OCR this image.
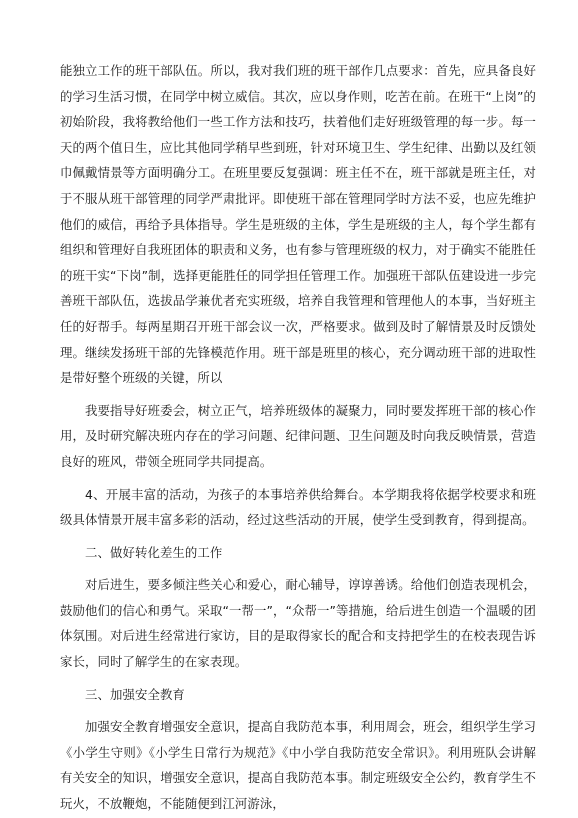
能独立工作的班干部队伍。所以，我对我们班的班干部作几点要求：首先，应具备良好的学习生活习惯，在同学中树立威信。其次，应以身作则，吃苦在前。在班干“上岗”的初始阶段，我将教给他们一些工作方法和技巧，扶着他们走好班级管理的每一步。每一天的两个值日生，应比其他同学稍早些到班，针对环境卫生、学生纪律、出勤以及红领巾佩戴情景等方面明确分工。在班里要反复强调：班主任不在，班干部就是班主任，对于不服从班干部管理的同学严肃批评。即使班干部在管理同学时方法不妥，也应先维护他们的威信，再给予具体指导。学生是班级的主体，学生是班级的主人，每个学生都有组织和管理好自我班团体的职责和义务，也有参与管理班级的权力，对于确实不能胜任的班干实“下岗”制，选择更能胜任的同学担任管理工作。加强班干部队伍建设进一步完善班干部队伍，选拔品学兼优者充实班级，培养自我管理和管理他人的本事，当好班主任的好帮手。每两星期召开班干部会议一次，严格要求。做到及时了解情景及时反馈处理。继续发扬班干部的先锋模范作用。班干部是班里的核心，充分调动班干部的进取性是带好整个班级的关键，所以

我要指导好班委会，树立正气，培养班级体的凝聚力，同时要发挥班干部的核心作用，及时研究解决班内存在的学习问题、纪律问题、卫生问题及时向我反映情景，营造良好的班风，带领全班同学共同提高。

4、开展丰富的活动，为孩子的本事培养供给舞台。本学期我将依据学校要求和班级具体情景开展丰富多彩的活动，经过这些活动的开展，使学生受到教育，得到提高。

二、做好转化差生的工作

对后进生，要多倾注些关心和爱心，耐心辅导，谆谆善诱。给他们创造表现机会，鼓励他们的信心和勇气。采取“一帮一”，“众帮一”等措施，给后进生创造一个温暖的团体氛围。对后进生经常进行家访，目的是取得家长的配合和支持把学生的在校表现告诉家长，同时了解学生的在家表现。

三、加强安全教育

加强安全教育增强安全意识，提高自我防范本事，利用周会，班会，组织学生学习《小学生守则》《小学生日常行为规范》《中小学自我防范安全常识》。利用班队会讲解有关安全的知识，增强安全意识，提高自我防范本事。制定班级安全公约，教育学生不玩火，不放鞭炮，不能随便到江河游泳，
